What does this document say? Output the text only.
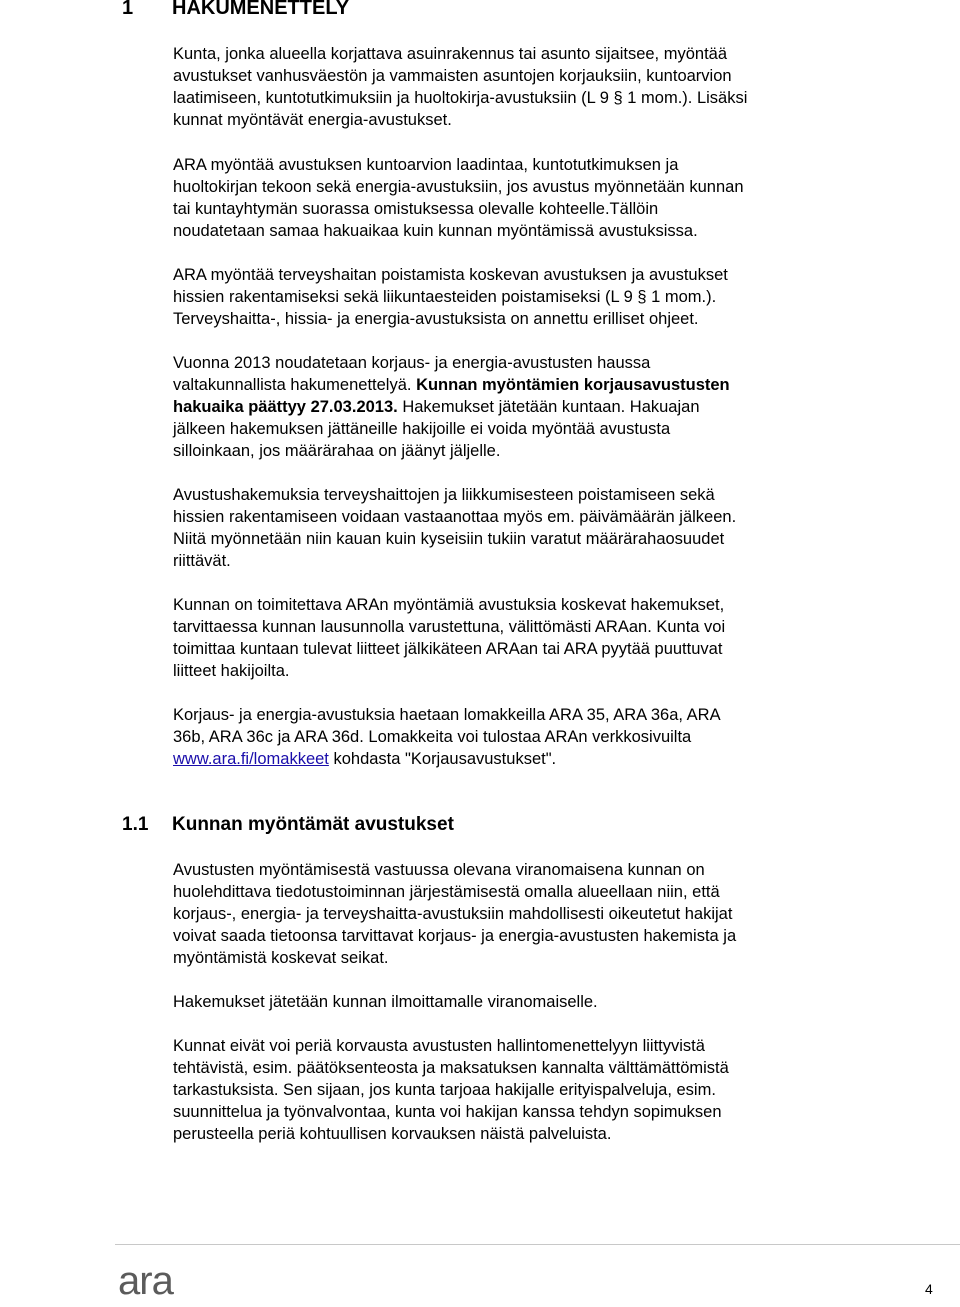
1 HAKUMENETTELY

Kunta, jonka alueella korjattava asuinrakennus tai asunto sijaitsee, myöntää
avustukset vanhusväestön ja vammaisten asuntojen korjauksiin, kuntoarvion
laatimiseen, kuntotutkimuksiin ja huoltokirja-avustuksiin (L 9 § 1 mom.). Lisäksi
kunnat myöntävät energia-avustukset.

ARA myöntää avustuksen kuntoarvion laadintaa, kuntotutkimuksen ja
huoltokirjan tekoon sekä energia-avustuksiin, jos avustus myönnetään kunnan
tai kuntayhtymän suorassa omistuksessa olevalle kohteelle.Tällöin
noudatetaan samaa hakuaikaa kuin kunnan myöntämissä avustuksissa.

ARA myöntää terveyshaitan poistamista koskevan avustuksen ja avustukset
hissien rakentamiseksi sekä liikuntaesteiden poistamiseksi (L 9 § 1 mom.).
Terveyshaitta-, hissia- ja energia-avustuksista on annettu erilliset ohjeet.

Vuonna 2013 noudatetaan korjaus- ja energia-avustusten haussa
valtakunnallista hakumenettelyä. Kunnan myöntämien korjausavustusten
hakuaika päättyy 27.03.2013. Hakemukset jätetään kuntaan. Hakuajan
jälkeen hakemuksen jättäneille hakijoille ei voida myöntää avustusta
silloinkaan, jos määrärahaa on jäänyt jäljelle.

Avustushakemuksia terveyshaittojen ja liikkumisesteen poistamiseen sekä
hissien rakentamiseen voidaan vastaanottaa myös em. päivämäärän jälkeen.
Niitä myönnetään niin kauan kuin kyseisiin tukiin varatut määrärahaosuudet
riittävät.

Kunnan on toimitettava ARAn myöntämiä avustuksia koskevat hakemukset,
tarvittaessa kunnan lausunnolla varustettuna, välittömästi ARAan. Kunta voi
toimittaa kuntaan tulevat liitteet jälkikäteen ARAan tai ARA pyytää puuttuvat
liitteet hakijoilta.

Korjaus- ja energia-avustuksia haetaan lomakkeilla ARA 35, ARA 36a, ARA
36b, ARA 36c ja ARA 36d. Lomakkeita voi tulostaa ARAn verkkosivuilta
www.ara.fi/lomakkeet kohdasta "Korjausavustukset".

1.1 Kunnan myöntämät avustukset

Avustusten myöntämisestä vastuussa olevana viranomaisena kunnan on
huolehdittava tiedotustoiminnan järjestämisestä omalla alueellaan niin, että
korjaus-, energia- ja terveyshaitta-avustuksiin mahdollisesti oikeutetut hakijat
voivat saada tietoonsa tarvittavat korjaus- ja energia-avustusten hakemista ja
myöntämistä koskevat seikat.

Hakemukset jätetään kunnan ilmoittamalle viranomaiselle.

Kunnat eivät voi periä korvausta avustusten hallintomenettelyyn liittyvistä
tehtävistä, esim. päätöksenteosta ja maksatuksen kannalta välttämättömistä
tarkastuksista. Sen sijaan, jos kunta tarjoaa hakijalle erityispalveluja, esim.
suunnittelua ja työnvalvontaa, kunta voi hakijan kanssa tehdyn sopimuksen
perusteella periä kohtuullisen korvauksen näistä palveluista.

ara	4
